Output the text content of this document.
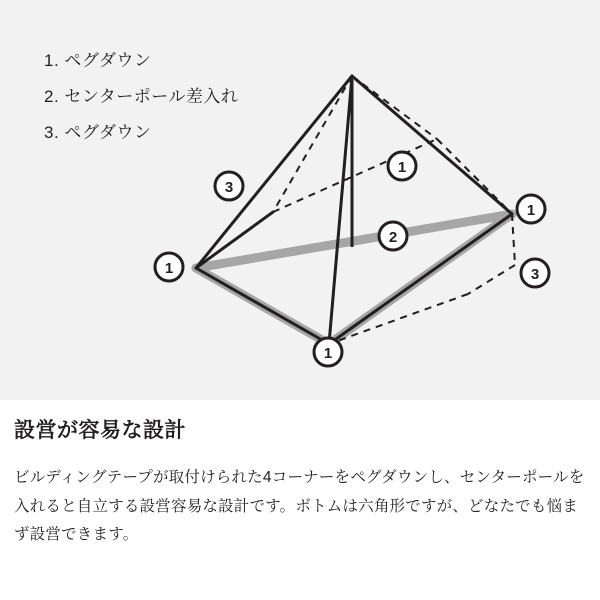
3
1
1
2
3
1
1
1. ペグダウン
2. センターポール差入れ
3. ペグダウン
設営が容易な設計

ビルディングテープが取付けられた4コーナーをペグダウンし、センターポールを入れると自立する設営容易な設計です。ボトムは六角形ですが、どなたでも悩まず設営できます。
